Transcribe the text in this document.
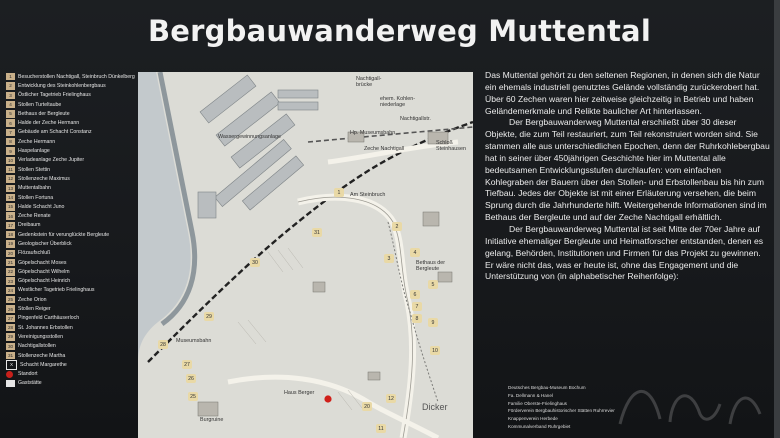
Bergbauwanderweg Muttental
1	Besucherstollen Nachtigall, Steinbruch Dünkelberg
2	Entwicklung des Steinkohlenbergbaus
3	Östlicher Tagetrieb Frielinghaus
4	Stollen Turteltaube
5	Bethaus der Bergleute
6	Halde der Zeche Hermann
7	Gebäude am Schacht Constanz
8	Zeche Hermann
9	Haspelanlage
10 Verladeanlage Zeche Jupiter
11 Stollen Stettin
12 Stollenzeche Maximus
13 Muttentalbahn
14 Stollen Fortuna
15 Halde Schacht Juno
16 Zeche Renate
17 Dreibaum
18 Gedenkstein für verunglückte Bergleute
19 Geologischer Überblick
20 Flözaufschluß
21 Göpelschacht Moses
22 Göpelschacht Wilhelm
23 Göpelschacht Heinrich
24 Westlicher Tagetrieb Frielinghaus
25 Zeche Orion
26 Stollen Reiger
27 Pingenfeld Carthäuserloch
28 St. Johannes Erbstollen
29 Vereinigungsstollen
30 Nachtigallstollen
31 Stollenzeche Martha
X	Schacht Margarethe
Standort
Gaststätte
Wassergewinnungsanlage
Zeche Nachtigall
Nachtigallstr.
Hp. Museumsbahn
Schloß Steinhausen
ehem. Kohlen- niederlage
Nachtigall- brücke
Bethaus der Bergleute
Museumsbahn
Dicker
Burgruine
Am Steinbruch
Haus Berger
1
2
3
4
5
6
7
8
9
10
11
12
20
25
26
27
28
29
30
31

Das Muttental gehört zu den seltenen Regionen, in denen sich die Natur ein ehemals industriell genutztes Gelände vollständig zurückerobert hat. Über 60 Zechen waren hier zeitweise gleichzeitig in Betrieb und haben Geländemerkmale und Relikte baulicher Art hinterlassen.

Der Bergbauwanderweg Muttental erschließt über 30 dieser Objekte, die zum Teil restauriert, zum Teil rekonstruiert worden sind. Sie stammen alle aus unterschiedlichen Epochen, denn der Ruhrkohlebergbau hat in seiner über 450jährigen Geschichte hier im Muttental alle bedeutsamen Entwicklungsstufen durchlaufen: vom einfachen Kohlegraben der Bauern über den Stollen- und Erbstollenbau bis hin zum Tiefbau. Jedes der Objekte ist mit einer Erläuterung versehen, die beim Sprung durch die Jahrhunderte hilft. Weitergehende Informationen sind im Bethaus der Bergleute und auf der Zeche Nachtigall erhältlich.

Der Bergbauwanderweg Muttental ist seit Mitte der 70er Jahre auf Initiative ehemaliger Bergleute und Heimatforscher entstanden, denen es gelang, Behörden, Institutionen und Firmen für das Projekt zu gewinnen. Er wäre nicht das, was er heute ist, ohne das Engagement und die Unterstützung von (in alphabetischer Reihenfolge):

Deutsches Bergbau-Museum Bochum
Fa. Dellmann & Hanel
Familie Oberste-Frielinghaus
Förderverein Bergbauhistorischer Stätten Ruhrrevier
Knappenverein Herbede
Kommunalverband Ruhrgebiet
